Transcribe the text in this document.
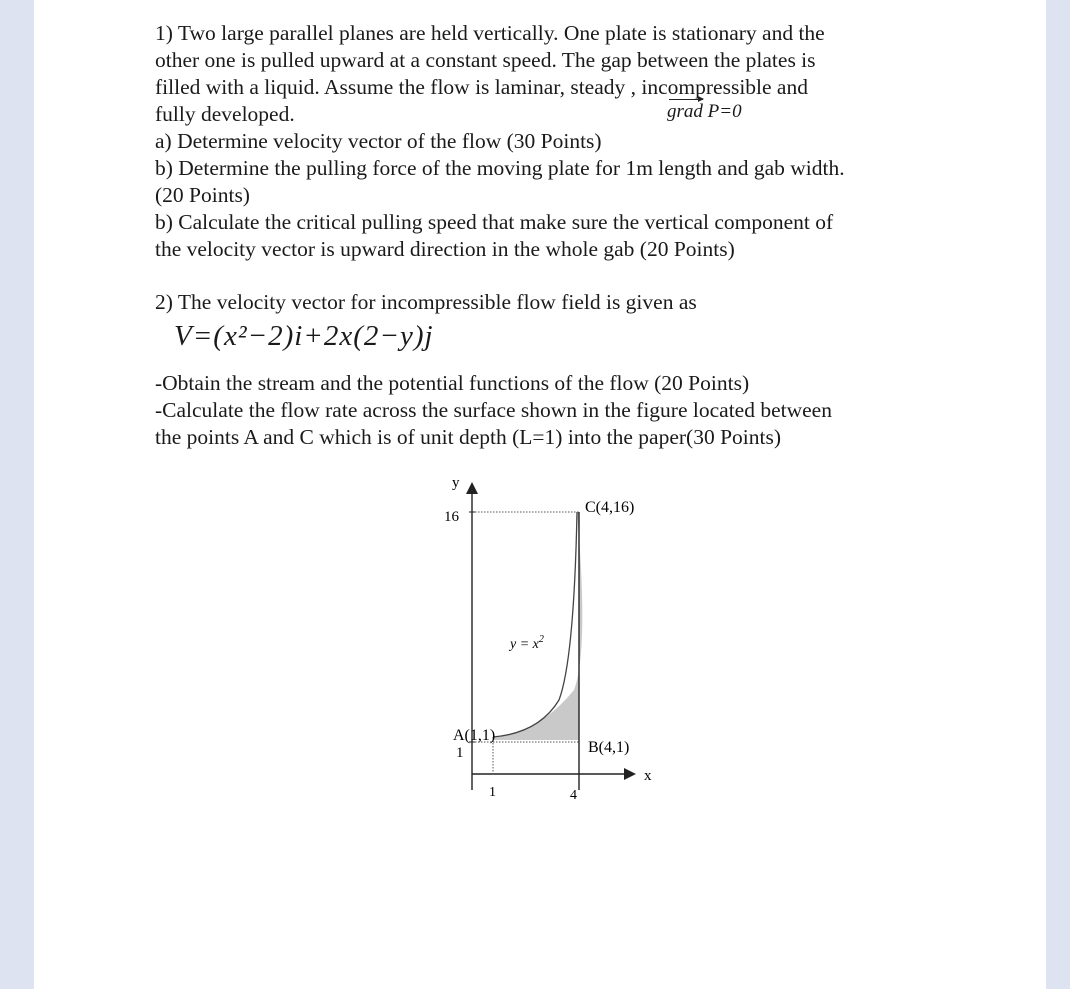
1) Two large parallel planes are held vertically. One plate is stationary and the
other one is pulled upward at a constant speed. The gap between the plates is
filled with a liquid. Assume the flow is laminar, steady , incompressible and
fully developed.
a) Determine velocity vector of the flow (30 Points)
b) Determine the pulling force of the moving plate for 1m length and gab width.
(20 Points)
b) Calculate the critical pulling speed that make sure the vertical component of
the velocity vector is upward direction in the whole gab (20 Points)
grad P=0
2) The velocity vector for incompressible flow field is given as
V=(x²−2)i+2x(2−y)j
-Obtain the stream and the potential functions of the flow (20 Points)
-Calculate the flow rate across the surface shown in the figure located between
the points A and C which is of unit depth (L=1) into the paper(30 Points)
y
x
16
1
1	4
A(1,1)
B(4,1)
C(4,16)
$y = x^2$
